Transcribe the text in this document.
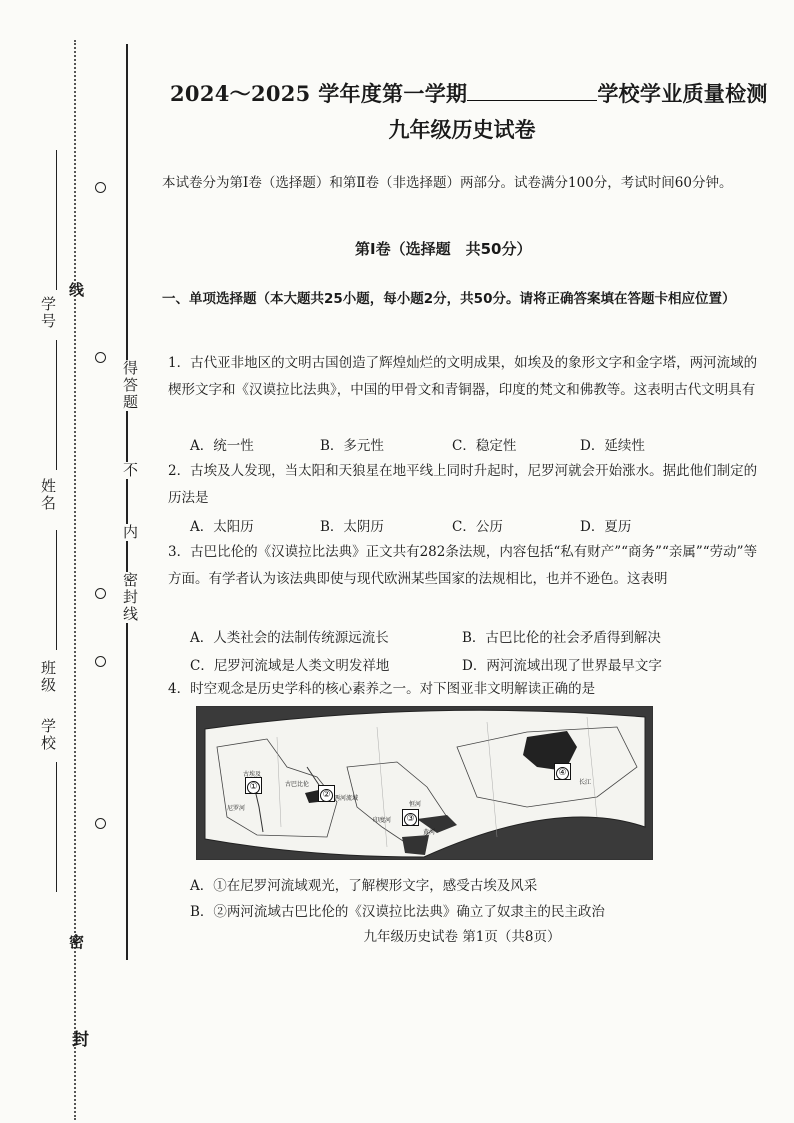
学号
姓名
班级
学校
线
密
封
得答题
不
内
密封线
2024～2025 学年度第一学期	学校学业质量检测
九年级历史试卷
本试卷分为第Ⅰ卷（选择题）和第Ⅱ卷（非选择题）两部分。试卷满分100分，考试时间60分钟。
第Ⅰ卷（选择题　共50分）
一、单项选择题（本大题共25小题，每小题2分，共50分。请将正确答案填在答题卡相应位置）
1．古代亚非地区的文明古国创造了辉煌灿烂的文明成果，如埃及的象形文字和金字塔，两河流域的楔形文字和《汉谟拉比法典》，中国的甲骨文和青铜器，印度的梵文和佛教等。这表明古代文明具有
A．统一性	B．多元性	C．稳定性	D．延续性
2．古埃及人发现，当太阳和天狼星在地平线上同时升起时，尼罗河就会开始涨水。据此他们制定的历法是
A．太阳历	B．太阴历	C．公历	D．夏历
3．古巴比伦的《汉谟拉比法典》正文共有282条法规，内容包括“私有财产”“商务”“亲属”“劳动”等方面。有学者认为该法典即使与现代欧洲某些国家的法规相比，也并不逊色。这表明
A．人类社会的法制传统源远流长	B．古巴比伦的社会矛盾得到解决
C．尼罗河流域是人类文明发祥地	D．两河流域出现了世界最早文字
4．时空观念是历史学科的核心素养之一。对下图亚非文明解读正确的是
①
②
③
④
古埃及
古巴比伦
尼罗河
两河流域
恒河
印度河
黄河
长江
A．①在尼罗河流域观光，了解楔形文字，感受古埃及风采
B．②两河流域古巴比伦的《汉谟拉比法典》确立了奴隶主的民主政治
九年级历史试卷 第1页（共8页）
